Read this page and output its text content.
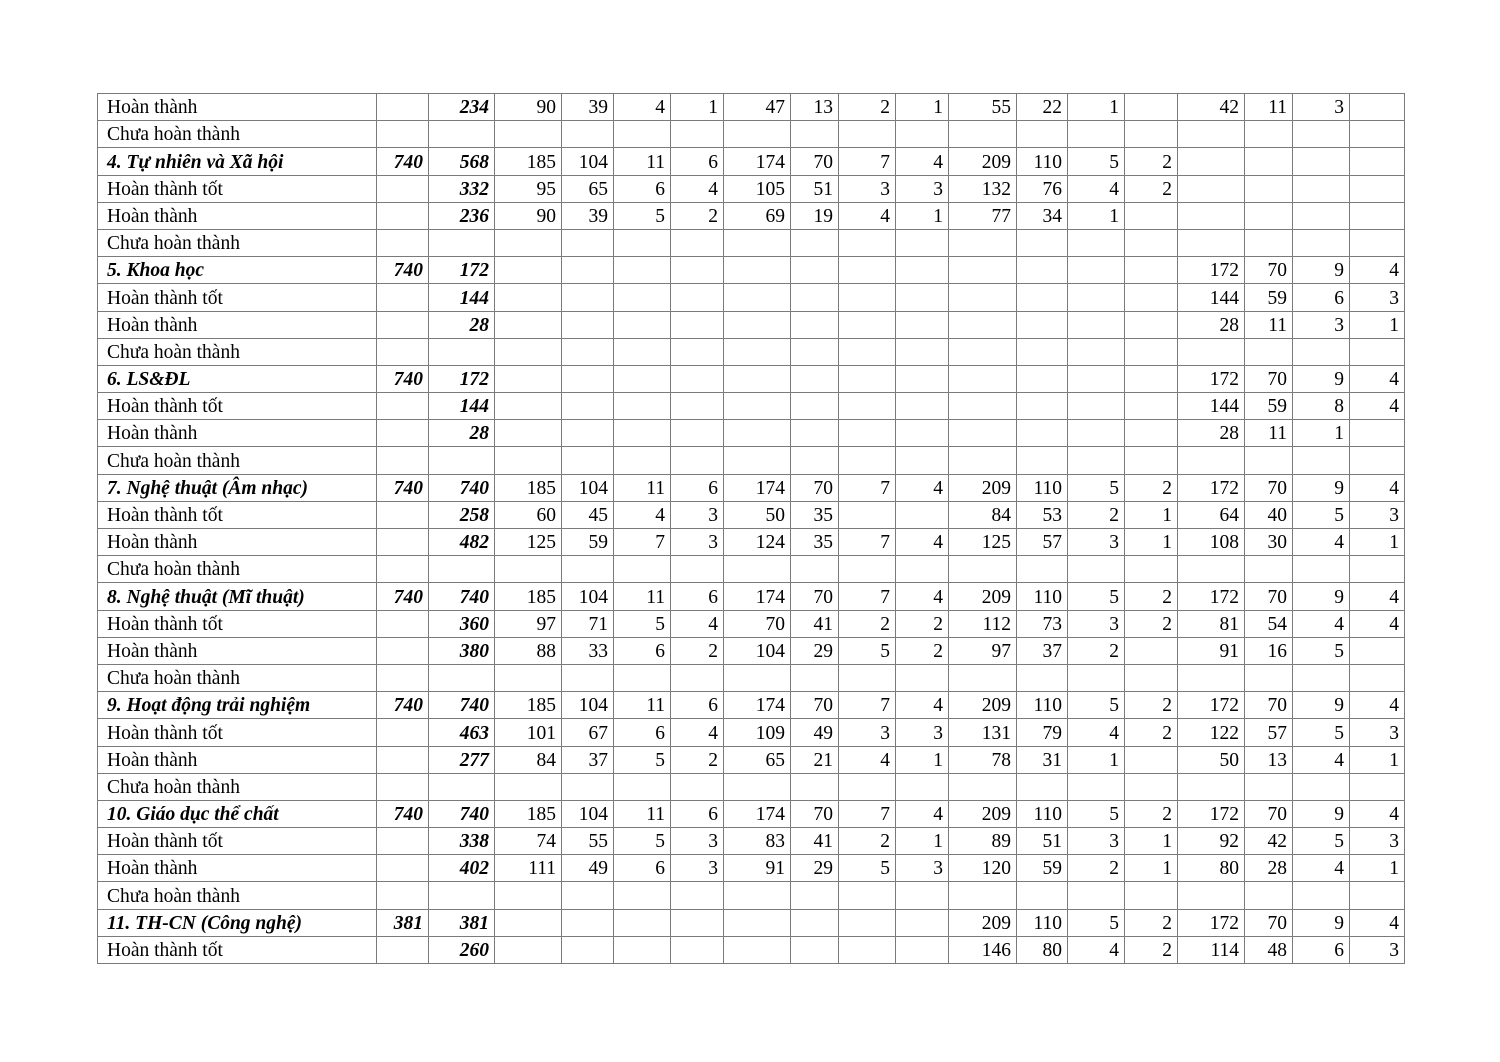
Hoàn thành		234	90	39	4	1	47	13	2	1	55	22	1		42	11	3	
Chưa hoàn thành																		
4. Tự nhiên và Xã hội	740	568	185	104	11	6	174	70	7	4	209	110	5	2				
Hoàn thành tốt		332	95	65	6	4	105	51	3	3	132	76	4	2				
Hoàn thành		236	90	39	5	2	69	19	4	1	77	34	1					
Chưa hoàn thành																		
5. Khoa học	740	172													172	70	9	4
Hoàn thành tốt		144													144	59	6	3
Hoàn thành		28													28	11	3	1
Chưa hoàn thành																		
6. LS&ĐL	740	172													172	70	9	4
Hoàn thành tốt		144													144	59	8	4
Hoàn thành		28													28	11	1	
Chưa hoàn thành																		
7. Nghệ thuật (Âm nhạc)	740	740	185	104	11	6	174	70	7	4	209	110	5	2	172	70	9	4
Hoàn thành tốt		258	60	45	4	3	50	35			84	53	2	1	64	40	5	3
Hoàn thành		482	125	59	7	3	124	35	7	4	125	57	3	1	108	30	4	1
Chưa hoàn thành																		
8. Nghệ thuật (Mĩ thuật)	740	740	185	104	11	6	174	70	7	4	209	110	5	2	172	70	9	4
Hoàn thành tốt		360	97	71	5	4	70	41	2	2	112	73	3	2	81	54	4	4
Hoàn thành		380	88	33	6	2	104	29	5	2	97	37	2		91	16	5	
Chưa hoàn thành																		
9. Hoạt động trải nghiệm	740	740	185	104	11	6	174	70	7	4	209	110	5	2	172	70	9	4
Hoàn thành tốt		463	101	67	6	4	109	49	3	3	131	79	4	2	122	57	5	3
Hoàn thành		277	84	37	5	2	65	21	4	1	78	31	1		50	13	4	1
Chưa hoàn thành																		
10. Giáo dục thể chất	740	740	185	104	11	6	174	70	7	4	209	110	5	2	172	70	9	4
Hoàn thành tốt		338	74	55	5	3	83	41	2	1	89	51	3	1	92	42	5	3
Hoàn thành		402	111	49	6	3	91	29	5	3	120	59	2	1	80	28	4	1
Chưa hoàn thành																		
11. TH-CN (Công nghệ)	381	381									209	110	5	2	172	70	9	4
Hoàn thành tốt		260									146	80	4	2	114	48	6	3
